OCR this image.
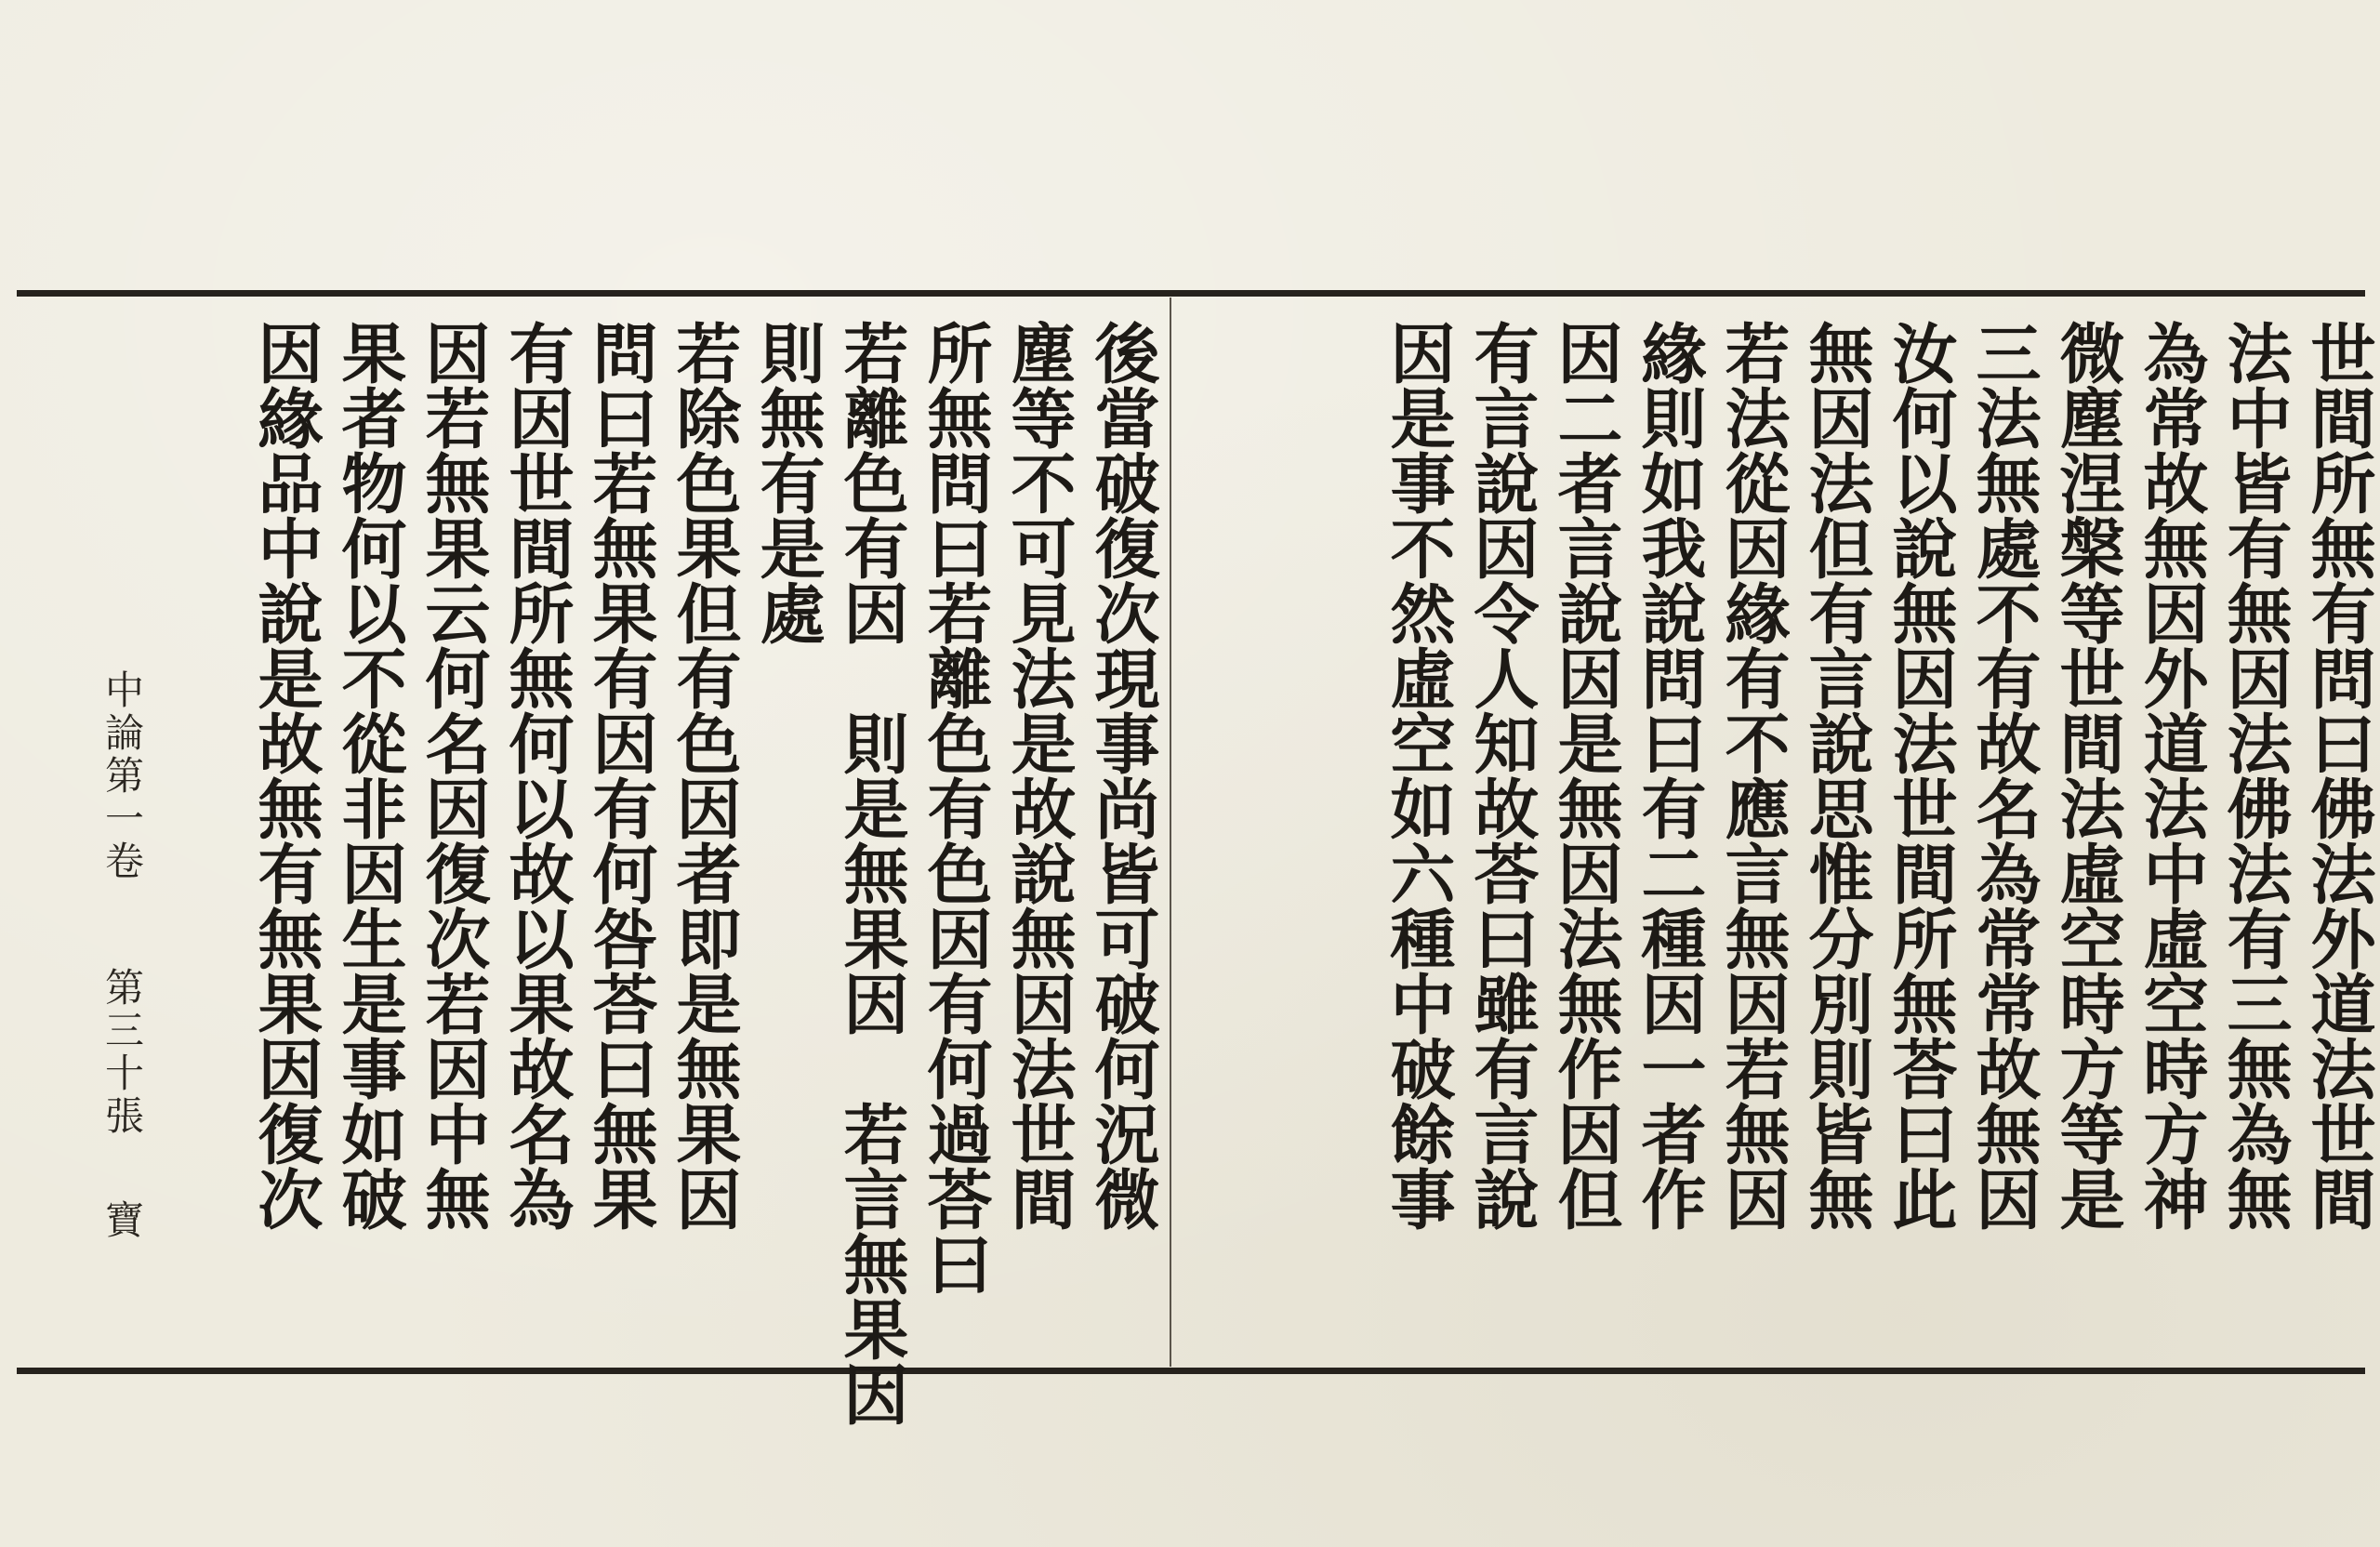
世間所無有問曰佛法外道法世間
法中皆有無因法佛法有三無為無
為常故無因外道法中虛空時方神
微塵涅槃等世間法虛空時方等是
三法無處不有故名為常常故無因
汝何以說無因法世間所無荅曰此
無因法但有言說思惟分別則皆無
若法從因緣有不應言無因若無因
緣則如我說問曰有二種因一者作
因二者言說因是無因法無作因但
有言說因令人知故荅曰雖有言說
因是事不然虛空如六種中破餘事
後當破復次現事尚皆可破何況微
塵等不可見法是故說無因法世間
所無問曰若離色有色因有何過荅曰
若離色有因　則是無果因　若言無果因
則無有是處
若除色果但有色因者即是無果因
問曰若無果有因有何咎荅曰無果
有因世間所無何以故以果故名為
因若無果云何名因復次若因中無
果者物何以不從非因生是事如破
因緣品中說是故無有無果因復次
中論第一卷
第三十張
寶
